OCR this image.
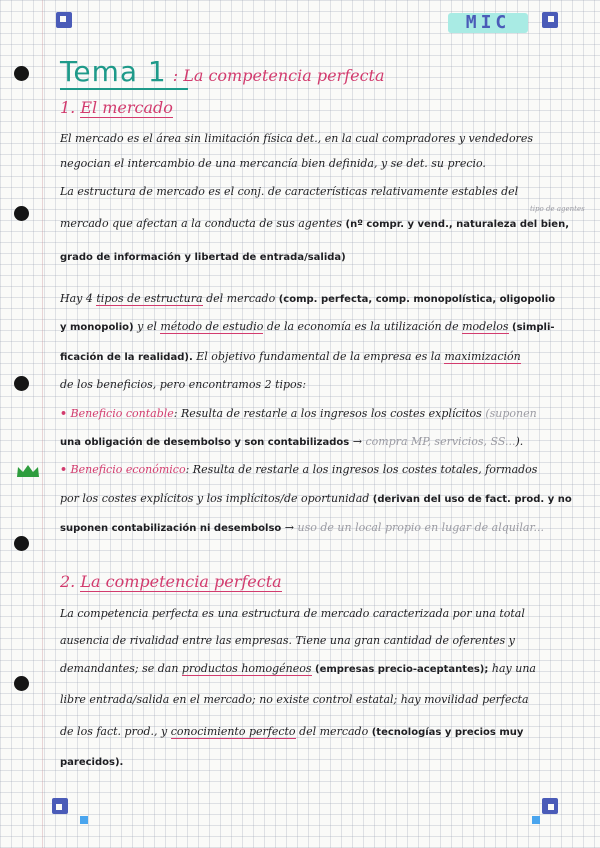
MIC
Tema 1 : La competencia perfecta
1. El mercado
El mercado es el área sin limitación física det., en la cual compradores y vendedores
negocian el intercambio de una mercancía bien definida, y se det. su precio.
La estructura de mercado es el conj. de características relativamente estables del
tipo de agentes
mercado que afectan a la conducta de sus agentes (nº compr. y vend., naturaleza del bien,
grado de información y libertad de entrada/salida)
Hay 4 tipos de estructura del mercado (comp. perfecta, comp. monopolística, oligopolio
y monopolio) y el método de estudio de la economía es la utilización de modelos (simpli-
ficación de la realidad). El objetivo fundamental de la empresa es la maximización
de los beneficios, pero encontramos 2 tipos:
• Beneficio contable: Resulta de restarle a los ingresos los costes explícitos (suponen
una obligación de desembolso y son contabilizados → compra MP, servicios, SS...).
• Beneficio económico: Resulta de restarle a los ingresos los costes totales, formados
por los costes explícitos y los implícitos/de oportunidad (derivan del uso de fact. prod. y no
suponen contabilización ni desembolso → uso de un local propio en lugar de alquilar...
2. La competencia perfecta
La competencia perfecta es una estructura de mercado caracterizada por una total
ausencia de rivalidad entre las empresas. Tiene una gran cantidad de oferentes y
demandantes; se dan productos homogéneos (empresas precio-aceptantes); hay una
libre entrada/salida en el mercado; no existe control estatal; hay movilidad perfecta
de los fact. prod., y conocimiento perfecto del mercado (tecnologías y precios muy
parecidos).
